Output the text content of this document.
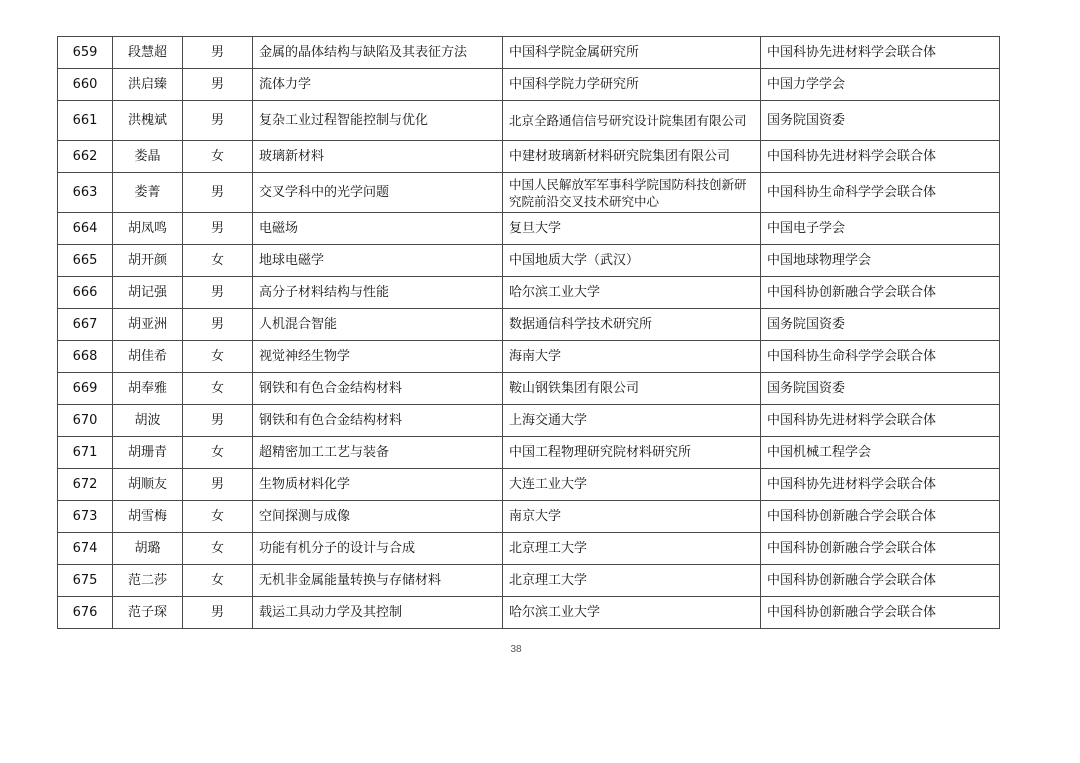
659	段慧超	男	金属的晶体结构与缺陷及其表征方法	中国科学院金属研究所	中国科协先进材料学会联合体
660	洪启臻	男	流体力学	中国科学院力学研究所	中国力学学会
661	洪槐斌	男	复杂工业过程智能控制与优化	北京全路通信信号研究设计院集团有限公司	国务院国资委
662	娄晶	女	玻璃新材料	中建材玻璃新材料研究院集团有限公司	中国科协先进材料学会联合体
663	娄菁	男	交叉学科中的光学问题	中国人民解放军军事科学院国防科技创新研究院前沿交叉技术研究中心	中国科协生命科学学会联合体
664	胡凤鸣	男	电磁场	复旦大学	中国电子学会
665	胡开颜	女	地球电磁学	中国地质大学（武汉）	中国地球物理学会
666	胡记强	男	高分子材料结构与性能	哈尔滨工业大学	中国科协创新融合学会联合体
667	胡亚洲	男	人机混合智能	数据通信科学技术研究所	国务院国资委
668	胡佳希	女	视觉神经生物学	海南大学	中国科协生命科学学会联合体
669	胡奉雅	女	钢铁和有色合金结构材料	鞍山钢铁集团有限公司	国务院国资委
670	胡波	男	钢铁和有色合金结构材料	上海交通大学	中国科协先进材料学会联合体
671	胡珊青	女	超精密加工工艺与装备	中国工程物理研究院材料研究所	中国机械工程学会
672	胡顺友	男	生物质材料化学	大连工业大学	中国科协先进材料学会联合体
673	胡雪梅	女	空间探测与成像	南京大学	中国科协创新融合学会联合体
674	胡璐	女	功能有机分子的设计与合成	北京理工大学	中国科协创新融合学会联合体
675	范二莎	女	无机非金属能量转换与存储材料	北京理工大学	中国科协创新融合学会联合体
676	范子琛	男	载运工具动力学及其控制	哈尔滨工业大学	中国科协创新融合学会联合体
38
